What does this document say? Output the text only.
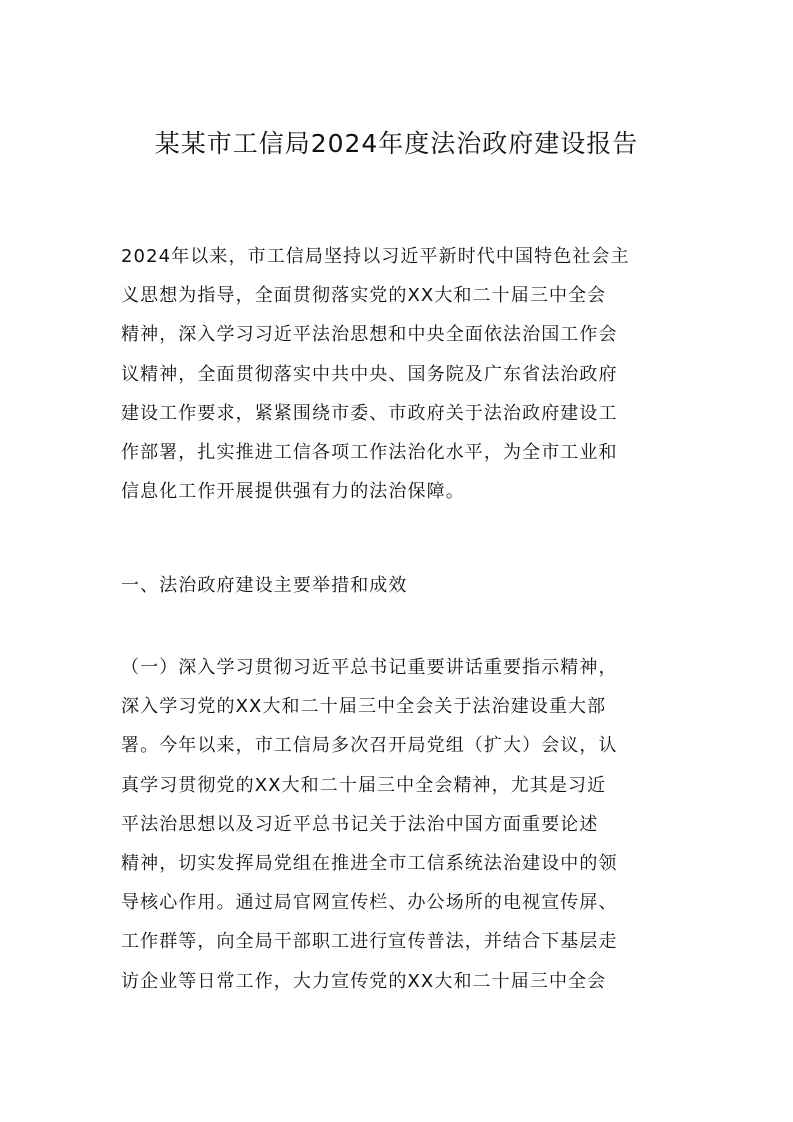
某某市工信局2024年度法治政府建设报告
2024年以来，市工信局坚持以习近平新时代中国特色社会主
义思想为指导，全面贯彻落实党的XX大和二十届三中全会
精神，深入学习习近平法治思想和中央全面依法治国工作会
议精神，全面贯彻落实中共中央、国务院及广东省法治政府
建设工作要求，紧紧围绕市委、市政府关于法治政府建设工
作部署，扎实推进工信各项工作法治化水平，为全市工业和
信息化工作开展提供强有力的法治保障。
一、法治政府建设主要举措和成效
（一）深入学习贯彻习近平总书记重要讲话重要指示精神，
深入学习党的XX大和二十届三中全会关于法治建设重大部
署。今年以来，市工信局多次召开局党组（扩大）会议，认
真学习贯彻党的XX大和二十届三中全会精神，尤其是习近
平法治思想以及习近平总书记关于法治中国方面重要论述
精神，切实发挥局党组在推进全市工信系统法治建设中的领
导核心作用。通过局官网宣传栏、办公场所的电视宣传屏、
工作群等，向全局干部职工进行宣传普法，并结合下基层走
访企业等日常工作，大力宣传党的XX大和二十届三中全会
